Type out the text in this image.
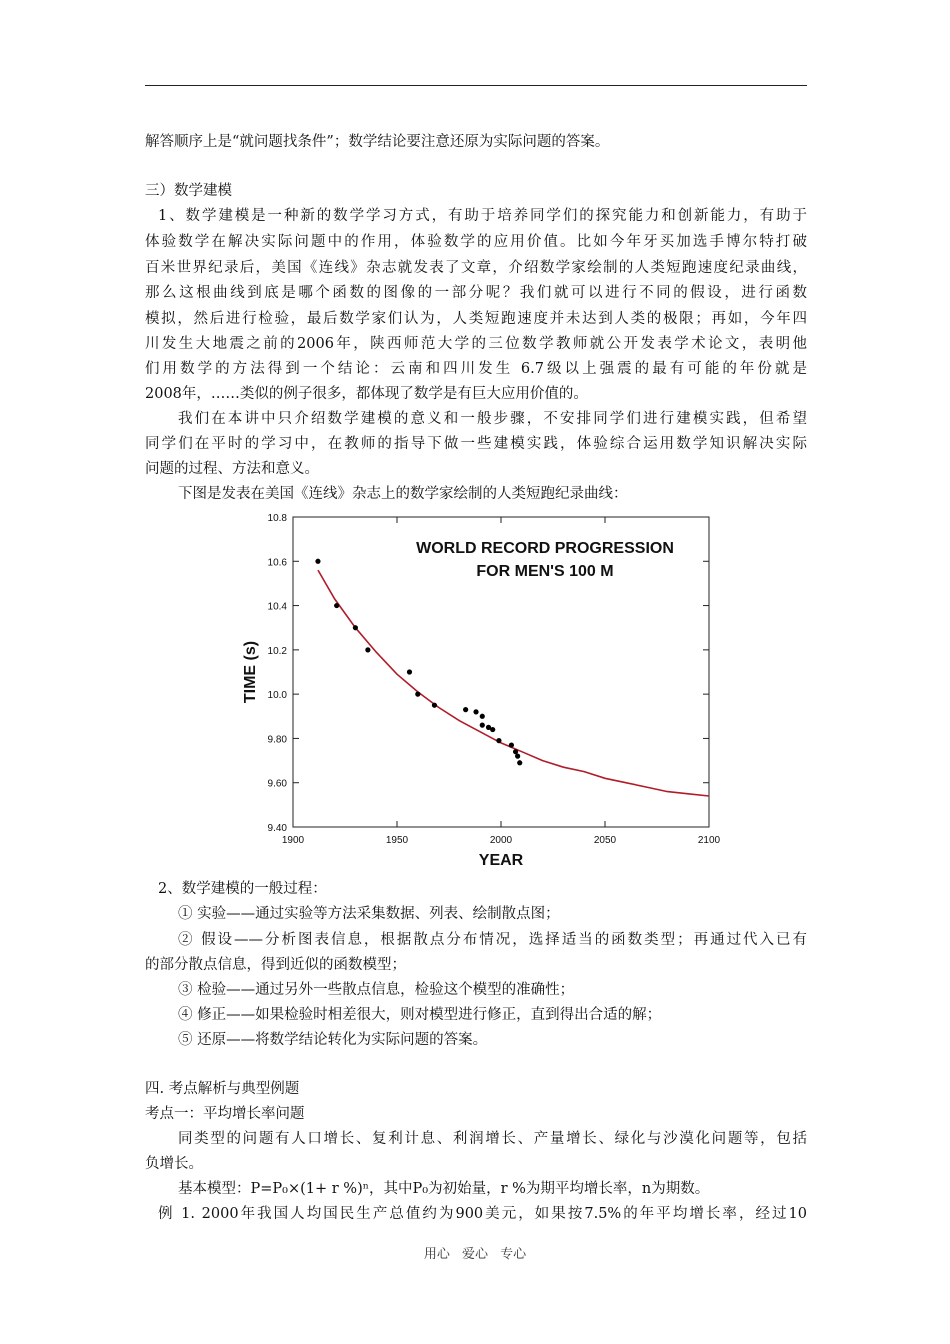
解答顺序上是“就问题找条件”；数学结论要注意还原为实际问题的答案。
三）数学建模
1、数学建模是一种新的数学学习方式，有助于培养同学们的探究能力和创新能力，有助于
体验数学在解决实际问题中的作用，体验数学的应用价值。比如今年牙买加选手博尔特打破
百米世界纪录后，美国《连线》杂志就发表了文章，介绍数学家绘制的人类短跑速度纪录曲线，
那么这根曲线到底是哪个函数的图像的一部分呢？我们就可以进行不同的假设，进行函数
模拟，然后进行检验，最后数学家们认为，人类短跑速度并未达到人类的极限；再如，今年四
川发生大地震之前的2006年，陕西师范大学的三位数学教师就公开发表学术论文，表明他
们用数学的方法得到一个结论：云南和四川发生 6.7级以上强震的最有可能的年份就是
2008年，……类似的例子很多，都体现了数学是有巨大应用价值的。
我们在本讲中只介绍数学建模的意义和一般步骤，不安排同学们进行建模实践，但希望
同学们在平时的学习中，在教师的指导下做一些建模实践，体验综合运用数学知识解决实际
问题的过程、方法和意义。
下图是发表在美国《连线》杂志上的数学家绘制的人类短跑纪录曲线：
9.40
9.60
9.80
10.0
10.2
10.4
10.6
10.8
1900	1950	2000	2050	2100
WORLD RECORD PROGRESSION
FOR MEN'S 100 M
YEAR
TIME (s)
2、数学建模的一般过程：
① 实验——通过实验等方法采集数据、列表、绘制散点图；
② 假设——分析图表信息，根据散点分布情况，选择适当的函数类型；再通过代入已有
的部分散点信息，得到近似的函数模型；
③ 检验——通过另外一些散点信息，检验这个模型的准确性；
④ 修正——如果检验时相差很大，则对模型进行修正，直到得出合适的解；
⑤ 还原——将数学结论转化为实际问题的答案。
四. 考点解析与典型例题
考点一：平均增长率问题
同类型的问题有人口增长、复利计息、利润增长、产量增长、绿化与沙漠化问题等，包括
负增长。
基本模型：P=P₀×(1+ r %)ⁿ，其中P₀为初始量，r %为期平均增长率，n为期数。
例 1. 2000年我国人均国民生产总值约为900美元，如果按7.5%的年平均增长率，经过10
用心 爱心 专心
